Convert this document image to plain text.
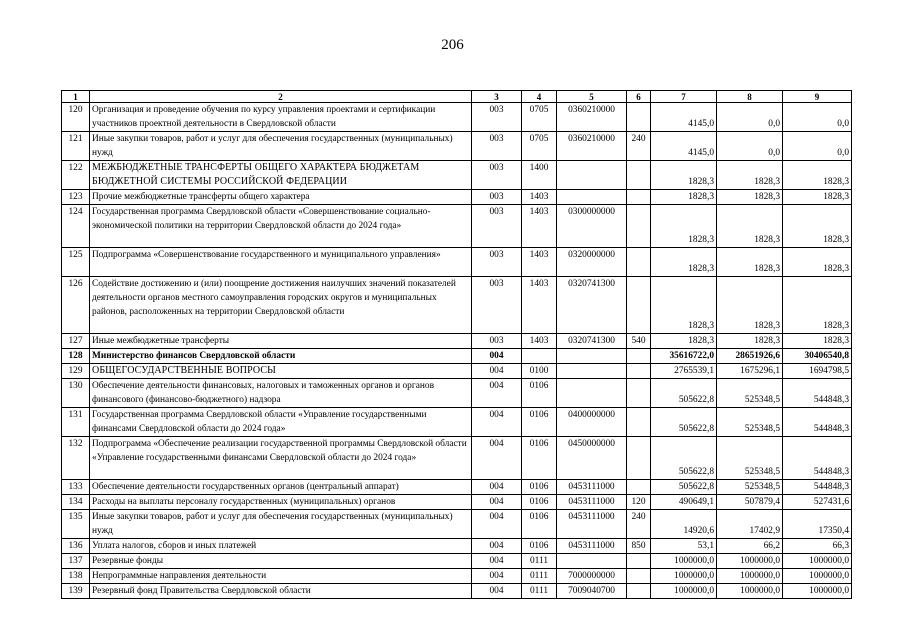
206
1	2	3	4	5	6	7	8	9
120	Организация и проведение обучения по курсу управления проектами и сертификации участников проектной деятельности в Свердловской области	003	0705	0360210000		4145,0	0,0	0,0
121	Иные закупки товаров, работ и услуг для обеспечения государственных (муниципальных) нужд	003	0705	0360210000	240	4145,0	0,0	0,0
122	МЕЖБЮДЖЕТНЫЕ ТРАНСФЕРТЫ ОБЩЕГО ХАРАКТЕРА БЮДЖЕТАМ БЮДЖЕТНОЙ СИСТЕМЫ РОССИЙСКОЙ ФЕДЕРАЦИИ	003	1400			1828,3	1828,3	1828,3
123	Прочие межбюджетные трансферты общего характера	003	1403			1828,3	1828,3	1828,3
124	Государственная программа Свердловской области «Совершенствование социально-экономической политики на территории Свердловской области до 2024 года»	003	1403	0300000000		1828,3	1828,3	1828,3
125	Подпрограмма «Совершенствование государственного и муниципального управления»	003	1403	0320000000		1828,3	1828,3	1828,3
126	Содействие достижению и (или) поощрение достижения наилучших значений показателей деятельности органов местного самоуправления городских округов и муниципальных районов, расположенных на территории Свердловской области	003	1403	0320741300		1828,3	1828,3	1828,3
127	Иные межбюджетные трансферты	003	1403	0320741300	540	1828,3	1828,3	1828,3
128	Министерство финансов Свердловской области	004				35616722,0	28651926,6	30406540,8
129	ОБЩЕГОСУДАРСТВЕННЫЕ ВОПРОСЫ	004	0100			2765539,1	1675296,1	1694798,5
130	Обеспечение деятельности финансовых, налоговых и таможенных органов и органов финансового (финансово-бюджетного) надзора	004	0106			505622,8	525348,5	544848,3
131	Государственная программа Свердловской области «Управление государственными финансами Свердловской области до 2024 года»	004	0106	0400000000		505622,8	525348,5	544848,3
132	Подпрограмма «Обеспечение реализации государственной программы Свердловской области «Управление государственными финансами Свердловской области до 2024 года»	004	0106	0450000000		505622,8	525348,5	544848,3
133	Обеспечение деятельности государственных органов (центральный аппарат)	004	0106	0453111000		505622,8	525348,5	544848,3
134	Расходы на выплаты персоналу государственных (муниципальных) органов	004	0106	0453111000	120	490649,1	507879,4	527431,6
135	Иные закупки товаров, работ и услуг для обеспечения государственных (муниципальных) нужд	004	0106	0453111000	240	14920,6	17402,9	17350,4
136	Уплата налогов, сборов и иных платежей	004	0106	0453111000	850	53,1	66,2	66,3
137	Резервные фонды	004	0111			1000000,0	1000000,0	1000000,0
138	Непрограммные направления деятельности	004	0111	7000000000		1000000,0	1000000,0	1000000,0
139	Резервный фонд Правительства Свердловской области	004	0111	7009040700		1000000,0	1000000,0	1000000,0
